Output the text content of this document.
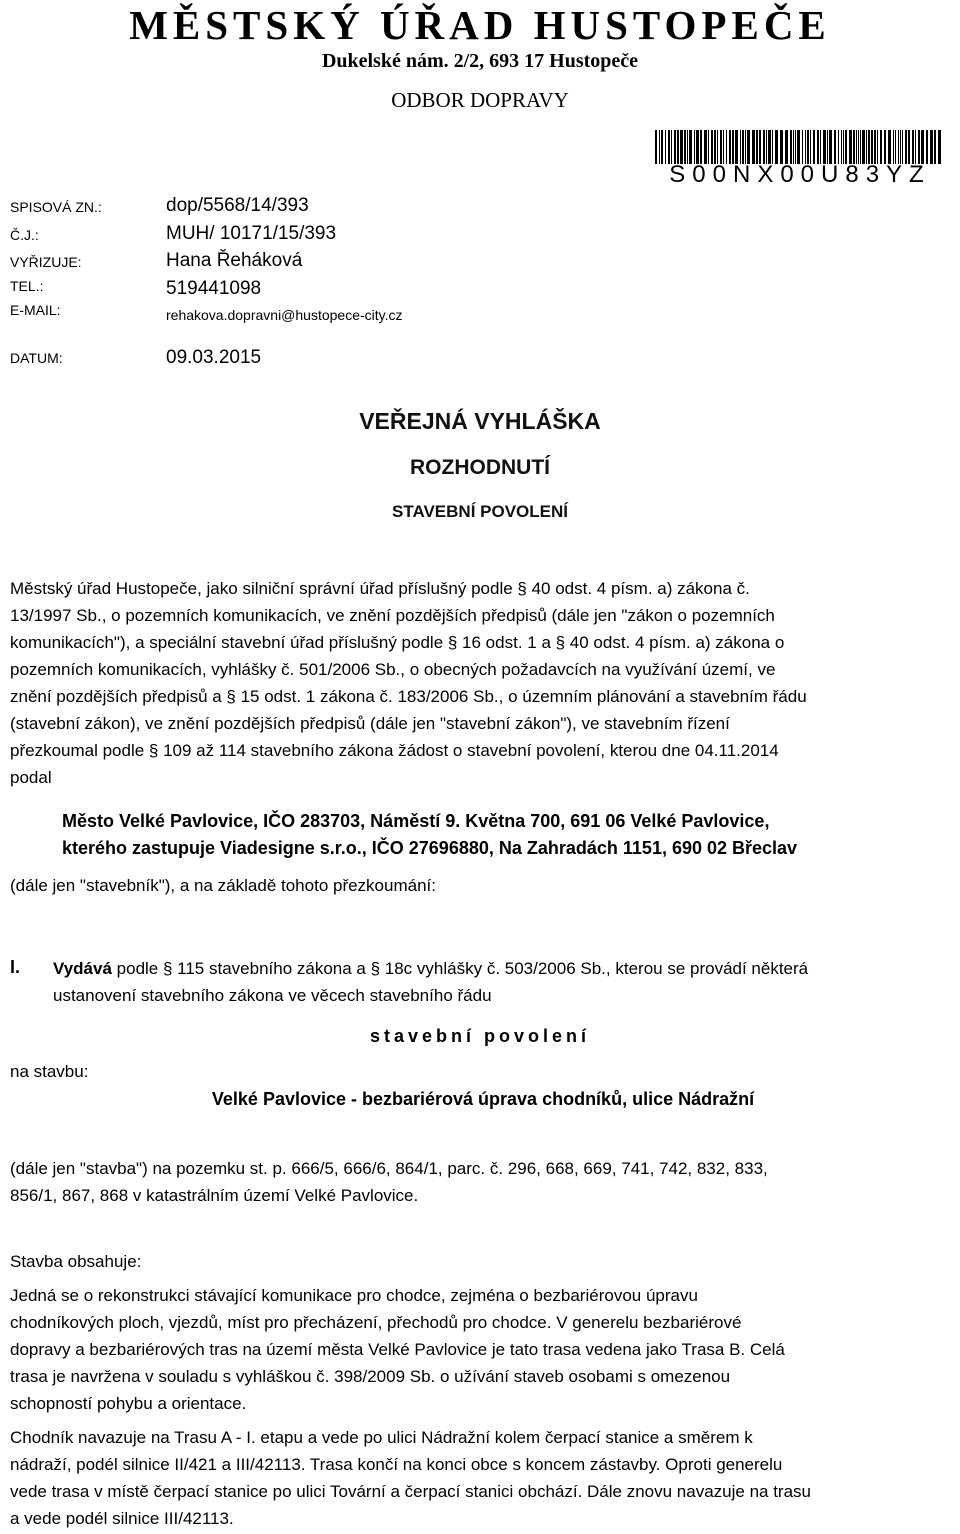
MĚSTSKÝ ÚŘAD HUSTOPEČE
Dukelské nám. 2/2, 693 17 Hustopeče
ODBOR DOPRAVY
S00NX00U83YZ
SPISOVÁ ZN.:	dop/5568/14/393
Č.J.:	MUH/ 10171/15/393
VYŘIZUJE:	Hana Řeháková
TEL.:	519441098
E-MAIL:	rehakova.dopravni@hustopece-city.cz
DATUM:	09.03.2015
VEŘEJNÁ VYHLÁŠKA
ROZHODNUTÍ
STAVEBNÍ POVOLENÍ
Městský úřad Hustopeče, jako silniční správní úřad příslušný podle § 40 odst. 4 písm. a) zákona č.
13/1997 Sb., o pozemních komunikacích, ve znění pozdějších předpisů (dále jen "zákon o pozemních
komunikacích"), a speciální stavební úřad příslušný podle § 16 odst. 1 a § 40 odst. 4 písm. a) zákona o
pozemních komunikacích, vyhlášky č. 501/2006 Sb., o obecných požadavcích na využívání území, ve
znění pozdějších předpisů a § 15 odst. 1 zákona č. 183/2006 Sb., o územním plánování a stavebním řádu
(stavební zákon), ve znění pozdějších předpisů (dále jen "stavební zákon"), ve stavebním řízení
přezkoumal podle § 109 až 114 stavebního zákona žádost o stavební povolení, kterou dne 04.11.2014
podal
Město Velké Pavlovice, IČO 283703, Náměstí 9. Května 700, 691 06 Velké Pavlovice,
kterého zastupuje Viadesigne s.r.o., IČO 27696880, Na Zahradách 1151, 690 02 Břeclav
(dále jen "stavebník"), a na základě tohoto přezkoumání:
I. Vydává podle § 115 stavebního zákona a § 18c vyhlášky č. 503/2006 Sb., kterou se provádí některá
ustanovení stavebního zákona ve věcech stavebního řádu
stavební povolení
na stavbu:
Velké Pavlovice - bezbariérová úprava chodníků, ulice Nádražní
(dále jen "stavba") na pozemku st. p. 666/5, 666/6, 864/1, parc. č. 296, 668, 669, 741, 742, 832, 833,
856/1, 867, 868 v katastrálním území Velké Pavlovice.
Stavba obsahuje:
Jedná se o rekonstrukci stávající komunikace pro chodce, zejména o bezbariérovou úpravu
chodníkových ploch, vjezdů, míst pro přecházení, přechodů pro chodce. V generelu bezbariérové
dopravy a bezbariérových tras na území města Velké Pavlovice je tato trasa vedena jako Trasa B. Celá
trasa je navržena v souladu s vyhláškou č. 398/2009 Sb. o užívání staveb osobami s omezenou
schopností pohybu a orientace.
Chodník navazuje na Trasu A - I. etapu a vede po ulici Nádražní kolem čerpací stanice a směrem k
nádraží, podél silnice II/421 a III/42113. Trasa končí na konci obce s koncem zástavby. Oproti generelu
vede trasa v místě čerpací stanice po ulici Tovární a čerpací stanici obchází. Dále znovu navazuje na trasu
a vede podél silnice III/42113.
